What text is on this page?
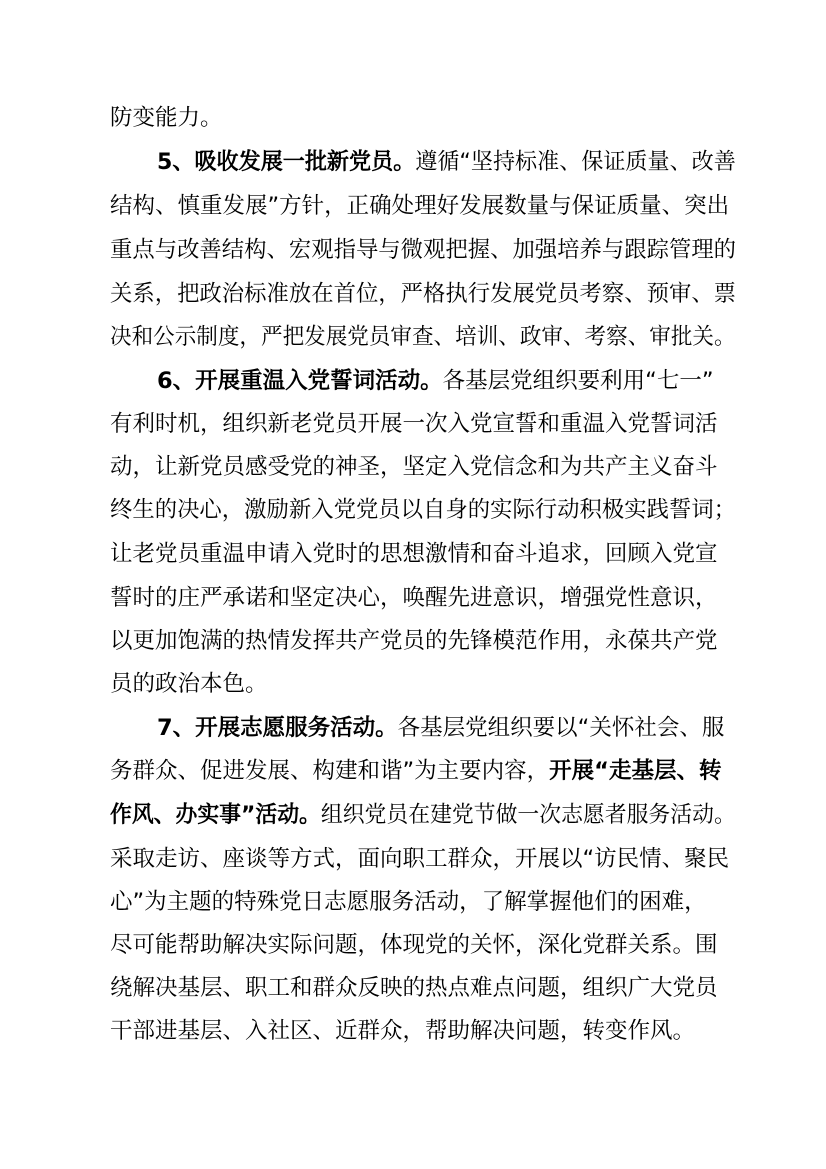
防变能力。
5、吸收发展一批新党员。遵循“坚持标准、保证质量、改善
结构、慎重发展”方针，正确处理好发展数量与保证质量、突出
重点与改善结构、宏观指导与微观把握、加强培养与跟踪管理的
关系，把政治标准放在首位，严格执行发展党员考察、预审、票
决和公示制度，严把发展党员审查、培训、政审、考察、审批关。
6、开展重温入党誓词活动。各基层党组织要利用“七一”
有利时机，组织新老党员开展一次入党宣誓和重温入党誓词活
动，让新党员感受党的神圣，坚定入党信念和为共产主义奋斗
终生的决心，激励新入党党员以自身的实际行动积极实践誓词；
让老党员重温申请入党时的思想激情和奋斗追求，回顾入党宣
誓时的庄严承诺和坚定决心，唤醒先进意识，增强党性意识，
以更加饱满的热情发挥共产党员的先锋模范作用，永葆共产党
员的政治本色。
7、开展志愿服务活动。各基层党组织要以“关怀社会、服
务群众、促进发展、构建和谐”为主要内容，开展“走基层、转
作风、办实事”活动。组织党员在建党节做一次志愿者服务活动。
采取走访、座谈等方式，面向职工群众，开展以“访民情、聚民
心”为主题的特殊党日志愿服务活动，了解掌握他们的困难，
尽可能帮助解决实际问题，体现党的关怀，深化党群关系。围
绕解决基层、职工和群众反映的热点难点问题，组织广大党员
干部进基层、入社区、近群众，帮助解决问题，转变作风。
